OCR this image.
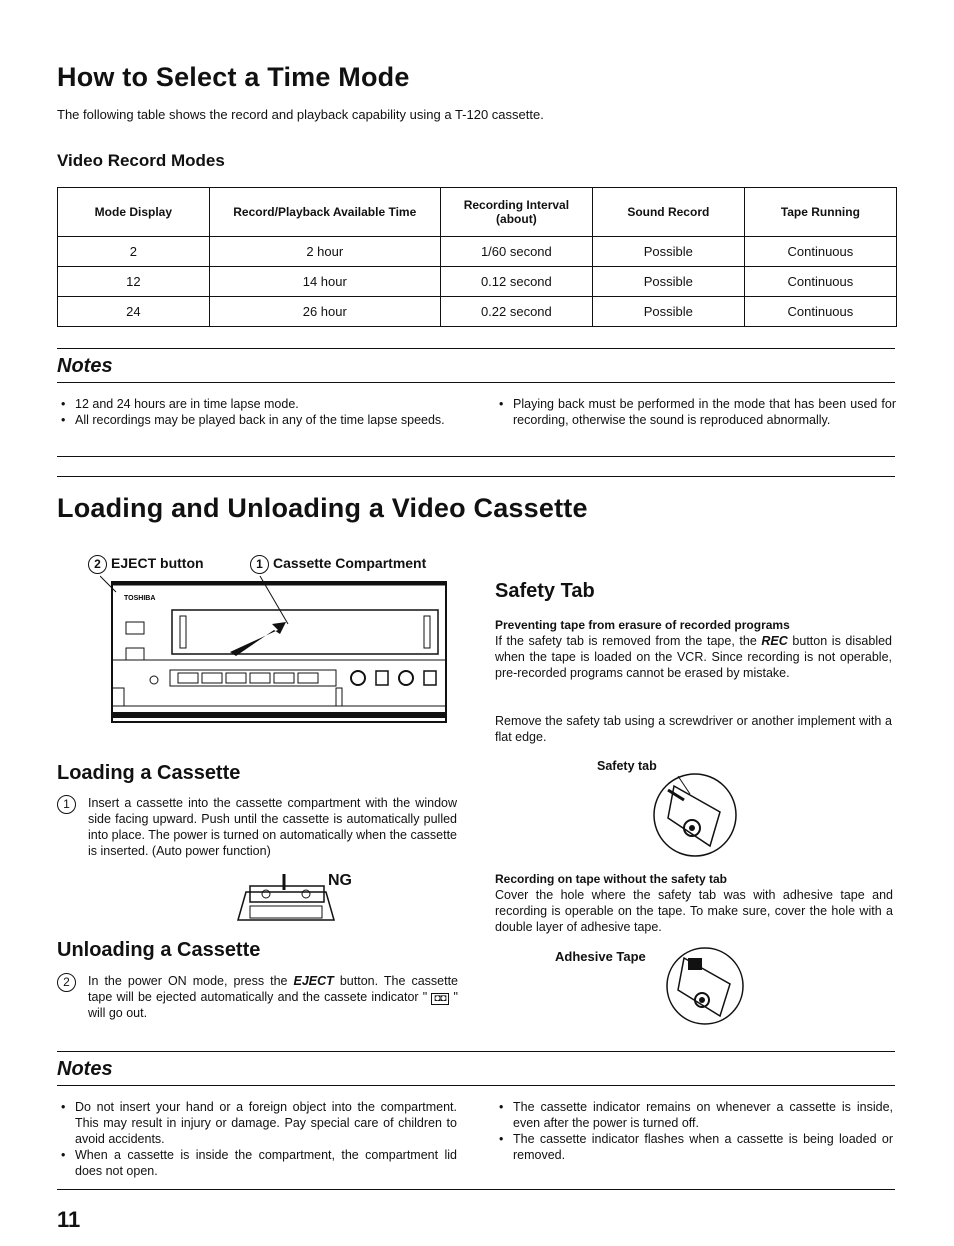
How to Select a Time Mode
The following table shows the record and playback capability using a T-120 cassette.
Video Record Modes
Mode Display	Record/Playback Available Time	Recording Interval (about)	Sound Record	Tape Running
2	2 hour	1/60 second	Possible	Continuous
12	14 hour	0.12 second	Possible	Continuous
24	26 hour	0.22 second	Possible	Continuous
Notes
• 12 and 24 hours are in time lapse mode.
• All recordings may be played back in any of the time lapse speeds.
• Playing back must be performed in the mode that has been used for recording, otherwise the sound is reproduced abnormally.
Loading and Unloading a Video Cassette
2 EJECT button	1 Cassette Compartment
TOSHIBA
Loading a Cassette
1	Insert a cassette into the cassette compartment with the window side facing upward. Push until the cassette is automatically pulled into place. The power is turned on automatically when the cassette is inserted. (Auto power function)
NG
Unloading a Cassette
2	In the power ON mode, press the EJECT button. The cassette tape will be ejected automatically and the cassete indicator " ◘◘ " will go out.
Safety Tab
Preventing tape from erasure of recorded programs
If the safety tab is removed from the tape, the REC button is disabled when the tape is loaded on the VCR. Since recording is not operable, pre-recorded programs cannot be erased by mistake.
Remove the safety tab using a screwdriver or another implement with a flat edge.
Safety tab
Recording on tape without the safety tab
Cover the hole where the safety tab was with adhesive tape and recording is operable on the tape. To make sure, cover the hole with a double layer of adhesive tape.
Adhesive Tape
Notes
• Do not insert your hand or a foreign object into the compartment. This may result in injury or damage. Pay special care of children to avoid accidents.
• When a cassette is inside the compartment, the compartment lid does not open.
• The cassette indicator remains on whenever a cassette is inside, even after the power is turned off.
• The cassette indicator flashes when a cassette is being loaded or removed.
11
